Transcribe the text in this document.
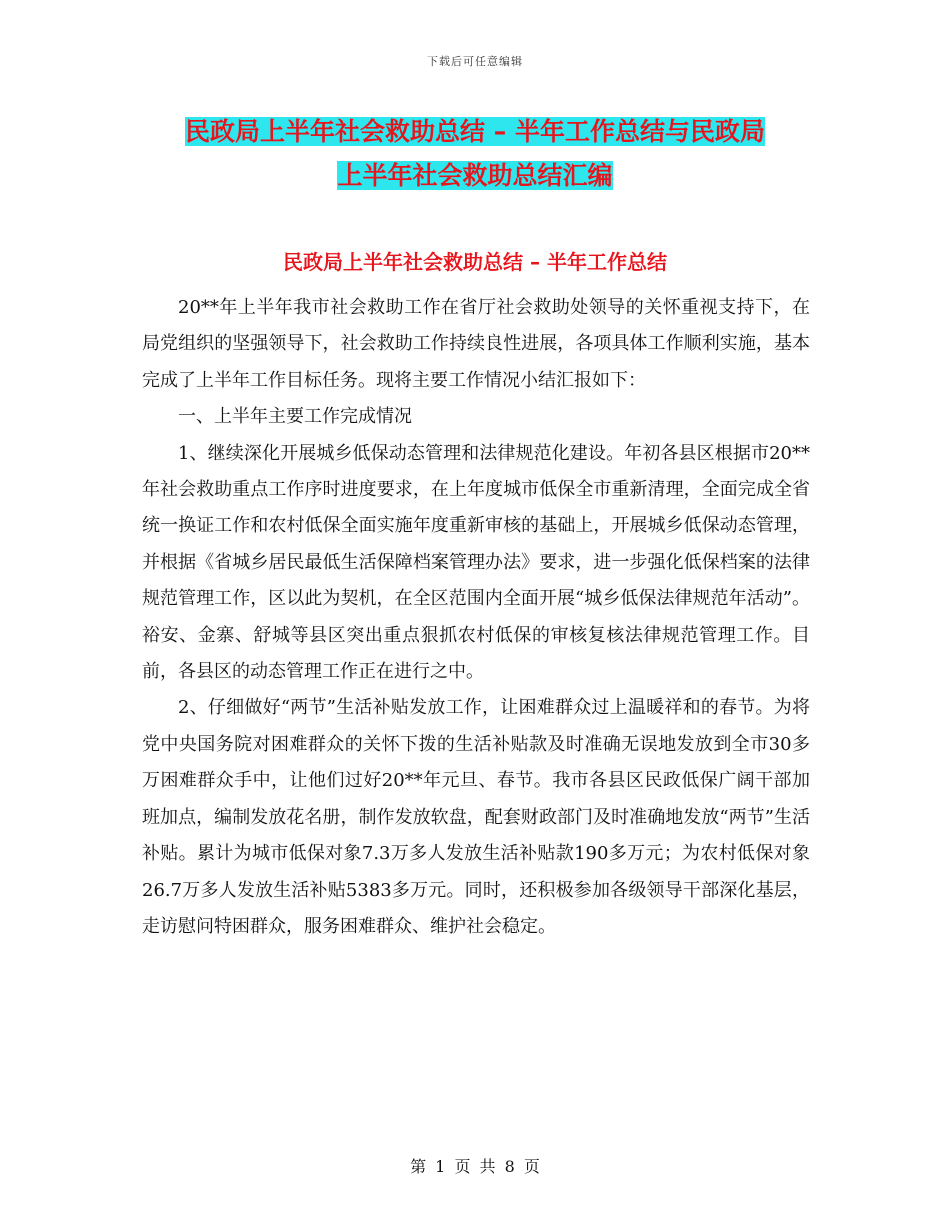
下载后可任意编辑
民政局上半年社会救助总结 – 半年工作总结与民政局
上半年社会救助总结汇编
民政局上半年社会救助总结 – 半年工作总结

20**年上半年我市社会救助工作在省厅社会救助处领导的关怀重视支持下，在局党组织的坚强领导下，社会救助工作持续良性进展，各项具体工作顺利实施，基本完成了上半年工作目标任务。现将主要工作情况小结汇报如下：

一、上半年主要工作完成情况

1、继续深化开展城乡低保动态管理和法律规范化建设。年初各县区根据市20**年社会救助重点工作序时进度要求，在上年度城市低保全市重新清理，全面完成全省统一换证工作和农村低保全面实施年度重新审核的基础上，开展城乡低保动态管理，并根据《省城乡居民最低生活保障档案管理办法》要求，进一步强化低保档案的法律规范管理工作，区以此为契机，在全区范围内全面开展“城乡低保法律规范年活动”。裕安、金寨、舒城等县区突出重点狠抓农村低保的审核复核法律规范管理工作。目前，各县区的动态管理工作正在进行之中。

2、仔细做好“两节”生活补贴发放工作，让困难群众过上温暖祥和的春节。为将党中央国务院对困难群众的关怀下拨的生活补贴款及时准确无误地发放到全市30多万困难群众手中，让他们过好20**年元旦、春节。我市各县区民政低保广阔干部加班加点，编制发放花名册，制作发放软盘，配套财政部门及时准确地发放“两节”生活补贴。累计为城市低保对象7.3万多人发放生活补贴款190多万元；为农村低保对象26.7万多人发放生活补贴5383多万元。同时，还积极参加各级领导干部深化基层，走访慰问特困群众，服务困难群众、维护社会稳定。

第 1 页 共 8 页
